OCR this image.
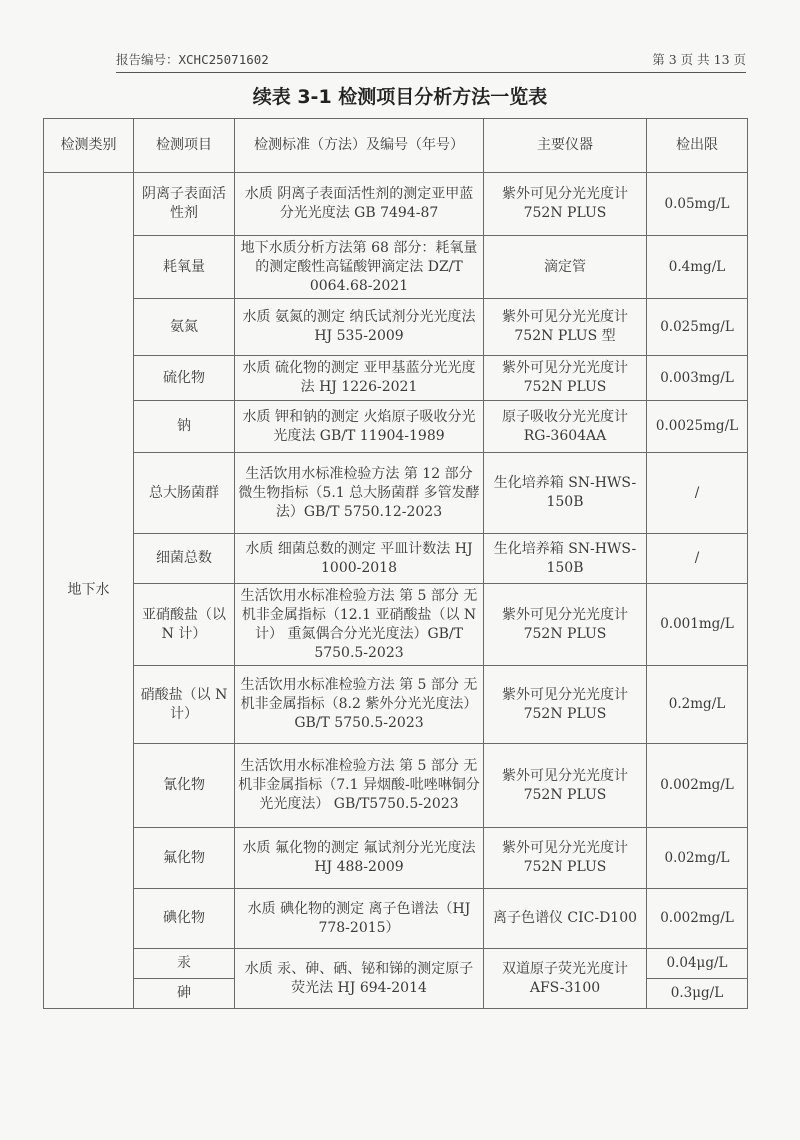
报告编号：XCHC25071602	第 3 页 共 13 页
续表 3-1 检测项目分析方法一览表
检测类别	检测项目	检测标准（方法）及编号（年号）	主要仪器	检出限
地下水	阴离子表面活性剂	水质 阴离子表面活性剂的测定亚甲蓝分光光度法 GB 7494-87	紫外可见分光光度计 752N PLUS	0.05mg/L
	耗氧量	地下水质分析方法第 68 部分：耗氧量的测定酸性高锰酸钾滴定法 DZ/T 0064.68-2021	滴定管	0.4mg/L
	氨氮	水质 氨氮的测定 纳氏试剂分光光度法 HJ 535-2009	紫外可见分光光度计 752N PLUS 型	0.025mg/L
	硫化物	水质 硫化物的测定 亚甲基蓝分光光度法 HJ 1226-2021	紫外可见分光光度计 752N PLUS	0.003mg/L
	钠	水质 钾和钠的测定 火焰原子吸收分光光度法 GB/T 11904-1989	原子吸收分光光度计 RG-3604AA	0.0025mg/L
	总大肠菌群	生活饮用水标准检验方法 第 12 部分 微生物指标（5.1 总大肠菌群 多管发酵法）GB/T 5750.12-2023	生化培养箱 SN-HWS-150B	/
	细菌总数	水质 细菌总数的测定 平皿计数法 HJ 1000-2018	生化培养箱 SN-HWS-150B	/
	亚硝酸盐（以 N 计）	生活饮用水标准检验方法 第 5 部分 无机非金属指标（12.1 亚硝酸盐（以 N 计） 重氮偶合分光光度法）GB/T 5750.5-2023	紫外可见分光光度计 752N PLUS	0.001mg/L
	硝酸盐（以 N 计）	生活饮用水标准检验方法 第 5 部分 无机非金属指标（8.2 紫外分光光度法）GB/T 5750.5-2023	紫外可见分光光度计 752N PLUS	0.2mg/L
	氰化物	生活饮用水标准检验方法 第 5 部分 无机非金属指标（7.1 异烟酸-吡唑啉铜分光光度法） GB/T5750.5-2023	紫外可见分光光度计 752N PLUS	0.002mg/L
	氟化物	水质 氟化物的测定 氟试剂分光光度法 HJ 488-2009	紫外可见分光光度计 752N PLUS	0.02mg/L
	碘化物	水质 碘化物的测定 离子色谱法（HJ 778-2015）	离子色谱仪 CIC-D100	0.002mg/L
	汞	水质 汞、砷、硒、铋和锑的测定原子荧光法 HJ 694-2014	双道原子荧光光度计 AFS-3100	0.04μg/L
	砷			0.3μg/L
